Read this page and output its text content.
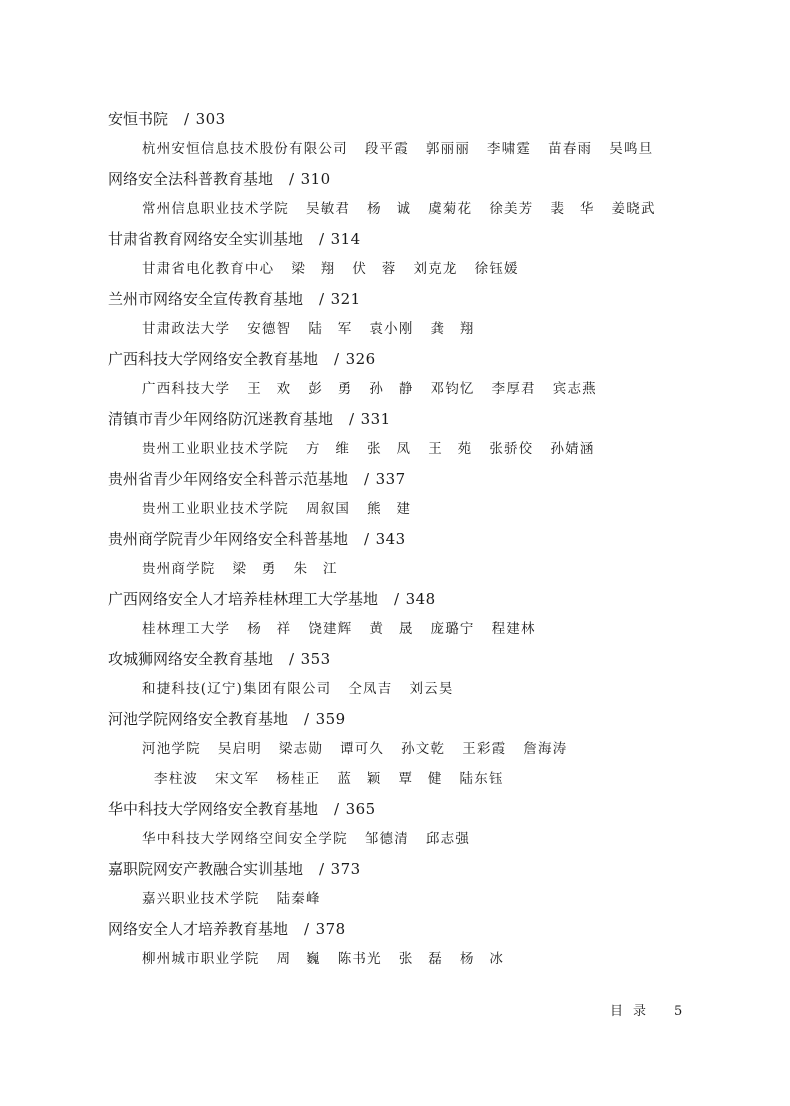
安恒书院 / 303
杭州安恒信息技术股份有限公司 段平霞 郭丽丽 李啸霆 苗春雨 吴鸣旦
网络安全法科普教育基地 / 310
常州信息职业技术学院 吴敏君 杨　诚 虞菊花 徐美芳 裴　华 姜晓武
甘肃省教育网络安全实训基地 / 314
甘肃省电化教育中心 梁　翔 伏　蓉 刘克龙 徐钰媛
兰州市网络安全宣传教育基地 / 321
甘肃政法大学 安德智 陆　军 袁小刚 龚　翔
广西科技大学网络安全教育基地 / 326
广西科技大学 王　欢 彭　勇 孙　静 邓钧忆 李厚君 宾志燕
清镇市青少年网络防沉迷教育基地 / 331
贵州工业职业技术学院 方　维 张　凤 王　苑 张骄佼 孙婧涵
贵州省青少年网络安全科普示范基地 / 337
贵州工业职业技术学院 周叙国 熊　建
贵州商学院青少年网络安全科普基地 / 343
贵州商学院 梁　勇 朱　江
广西网络安全人才培养桂林理工大学基地 / 348
桂林理工大学 杨　祥 饶建辉 黄　晟 庞璐宁 程建林
攻城狮网络安全教育基地 / 353
和捷科技(辽宁)集团有限公司 仝凤吉 刘云昊
河池学院网络安全教育基地 / 359
河池学院 吴启明 梁志勋 谭可久 孙文乾 王彩霞 詹海涛
李柱波 宋文军 杨桂正 蓝　颖 覃　健 陆东钰
华中科技大学网络安全教育基地 / 365
华中科技大学网络空间安全学院 邹德清 邱志强
嘉职院网安产教融合实训基地 / 373
嘉兴职业技术学院 陆秦峰
网络安全人才培养教育基地 / 378
柳州城市职业学院 周　巍 陈书光 张　磊 杨　冰
目录 5
